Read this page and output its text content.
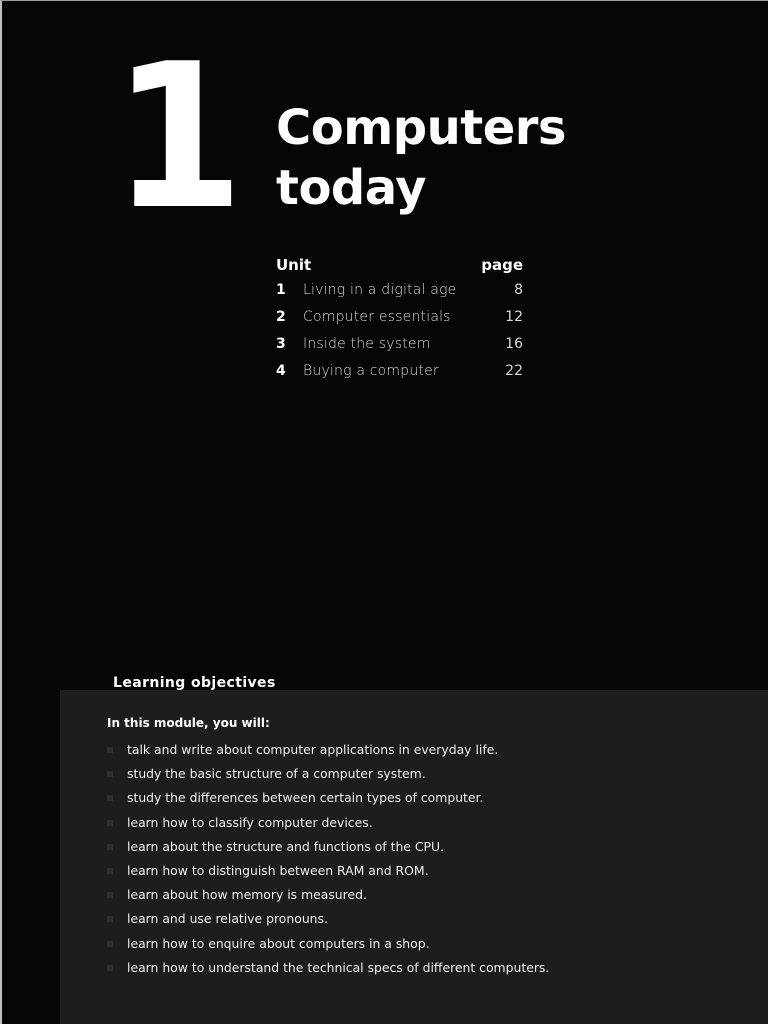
1 Computers
today
Unit	page
1 Living in a digital age	8
2 Computer essentials	12
3 Inside the system	16
4 Buying a computer	22
Learning objectives
In this module, you will:
talk and write about computer applications in everyday life.
study the basic structure of a computer system.
study the differences between certain types of computer.
learn how to classify computer devices.
learn about the structure and functions of the CPU.
learn how to distinguish between RAM and ROM.
learn about how memory is measured.
learn and use relative pronouns.
learn how to enquire about computers in a shop.
learn how to understand the technical specs of different computers.
